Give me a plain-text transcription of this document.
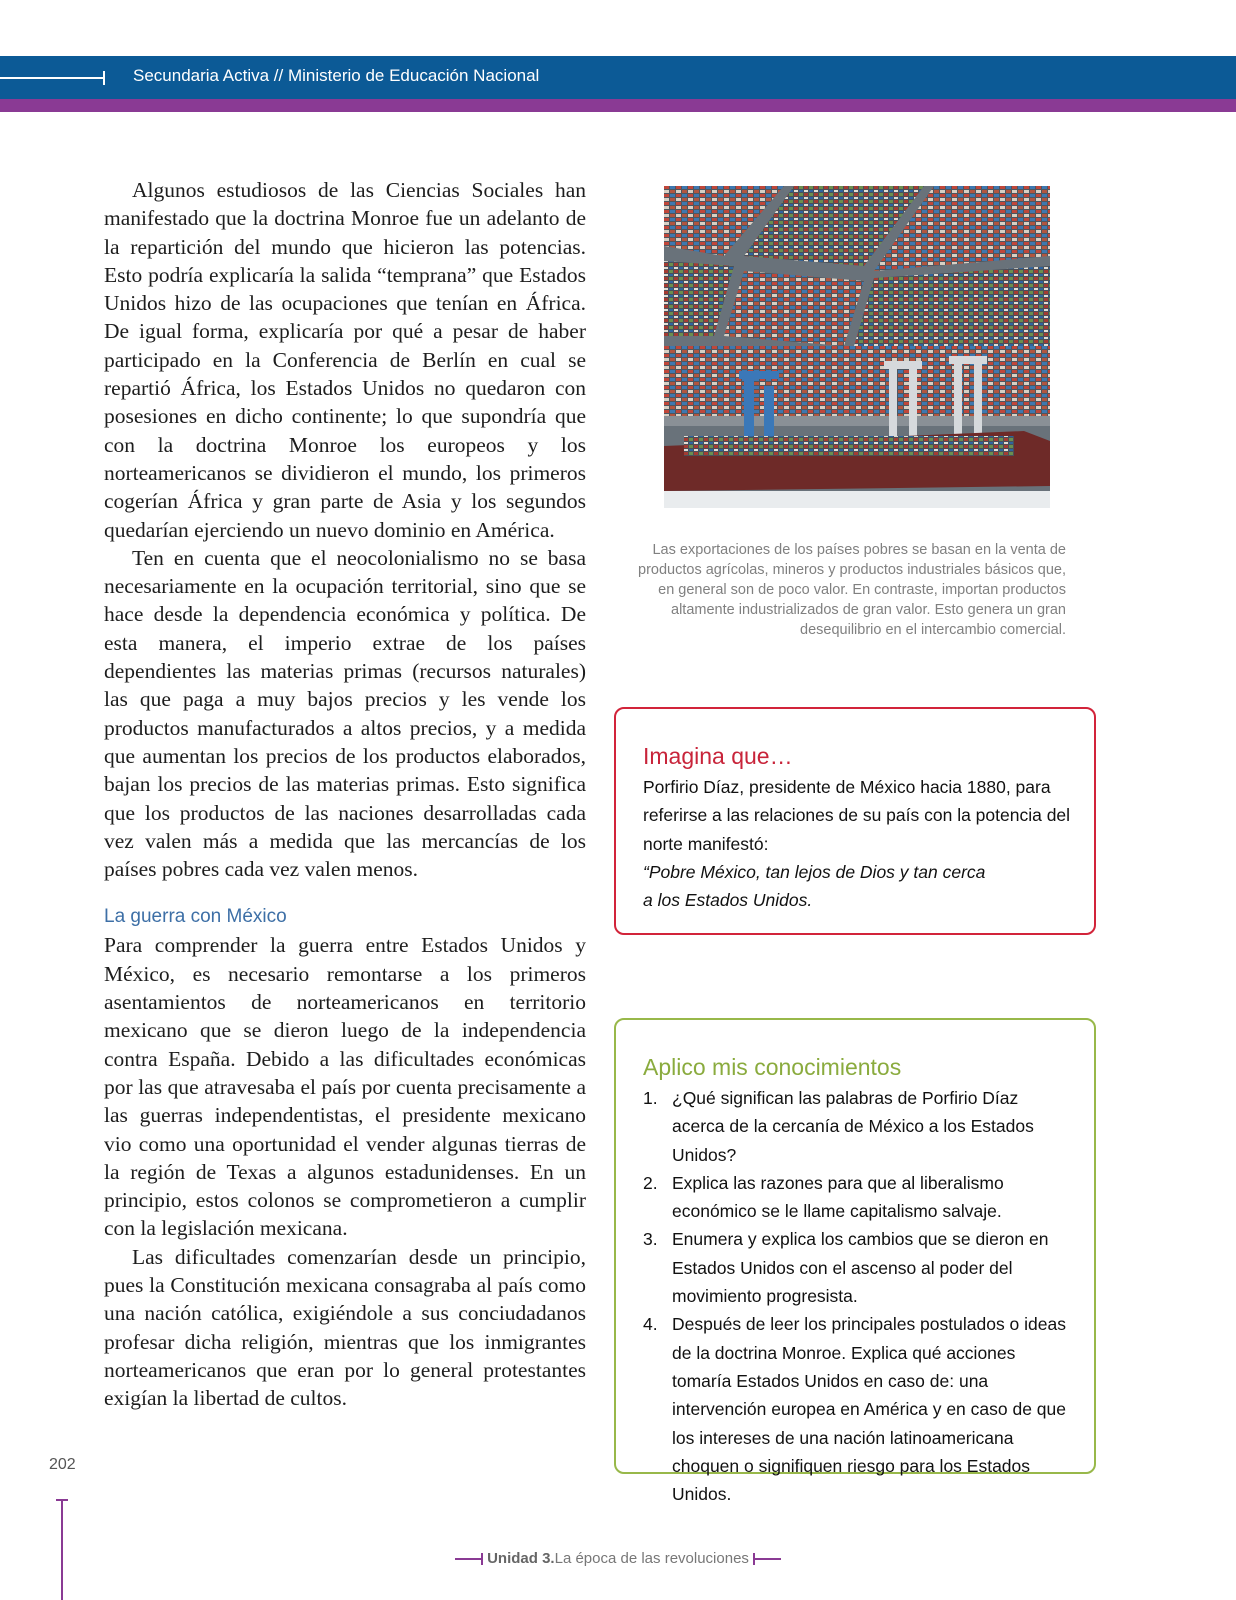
Secundaria Activa // Ministerio de Educación Nacional

Algunos estudiosos de las Ciencias Sociales han manifestado que la doctrina Monroe fue un adelanto de la repartición del mundo que hicieron las potencias. Esto podría explicaría la salida “temprana” que Estados Unidos hizo de las ocupaciones que tenían en África. De igual forma, explicaría por qué a pesar de haber participado en la Conferencia de Berlín en cual se repartió África, los Estados Unidos no quedaron con posesiones en dicho continente; lo que supondría que con la doctrina Monroe los europeos y los norteamericanos se dividieron el mundo, los primeros cogerían África y gran parte de Asia y los segundos quedarían ejerciendo un nuevo dominio en América.

Ten en cuenta que el neocolonialismo no se basa necesariamente en la ocupación territorial, sino que se hace desde la dependencia económica y política. De esta manera, el imperio extrae de los países dependientes las materias primas (recursos naturales) las que paga a muy bajos precios y les vende los productos manufacturados a altos precios, y a medida que aumentan los precios de los productos elaborados, bajan los precios de las materias primas. Esto significa que los productos de las naciones desarrolladas cada vez valen más a medida que las mercancías de los países pobres cada vez valen menos.

La guerra con México

Para comprender la guerra entre Estados Unidos y México, es necesario remontarse a los primeros asentamientos de norteamericanos en territorio mexicano que se dieron luego de la independencia contra España. Debido a las dificultades económicas por las que atravesaba el país por cuenta precisamente a las guerras independentistas, el presidente mexicano vio como una oportunidad el vender algunas tierras de la región de Texas a algunos estadunidenses. En un principio, estos colonos se comprometieron a cumplir con la legislación mexicana.

Las dificultades comenzarían desde un principio, pues la Constitución mexicana consagraba al país como una nación católica, exigiéndole a sus conciudadanos profesar dicha religión, mientras que los inmigrantes norteamericanos que eran por lo general protestantes exigían la libertad de cultos.

Las exportaciones de los países pobres se basan en la venta de productos agrícolas, mineros y productos industriales básicos que, en general son de poco valor. En contraste, importan productos altamente industrializados de gran valor. Esto genera un gran desequilibrio en el intercambio comercial.
Imagina que…
Porfirio Díaz, presidente de México hacia 1880, para referirse a las relaciones de su país con la potencia del norte manifestó:
“Pobre México, tan lejos de Dios y tan cerca
a los Estados Unidos.
Aplico mis conocimientos
1. ¿Qué significan las palabras de Porfirio Díaz acerca de la cercanía de México a los Estados Unidos?
2. Explica las razones para que al liberalismo económico se le llame capitalismo salvaje.
3. Enumera y explica los cambios que se dieron en Estados Unidos con el ascenso al poder del movimiento progresista.
4. Después de leer los principales postulados o ideas de la doctrina Monroe. Explica qué acciones tomaría Estados Unidos en caso de: una intervención europea en América y en caso de que los intereses de una nación latinoamericana choquen o signifiquen riesgo para los Estados Unidos.
202
Unidad 3.La época de las revoluciones
